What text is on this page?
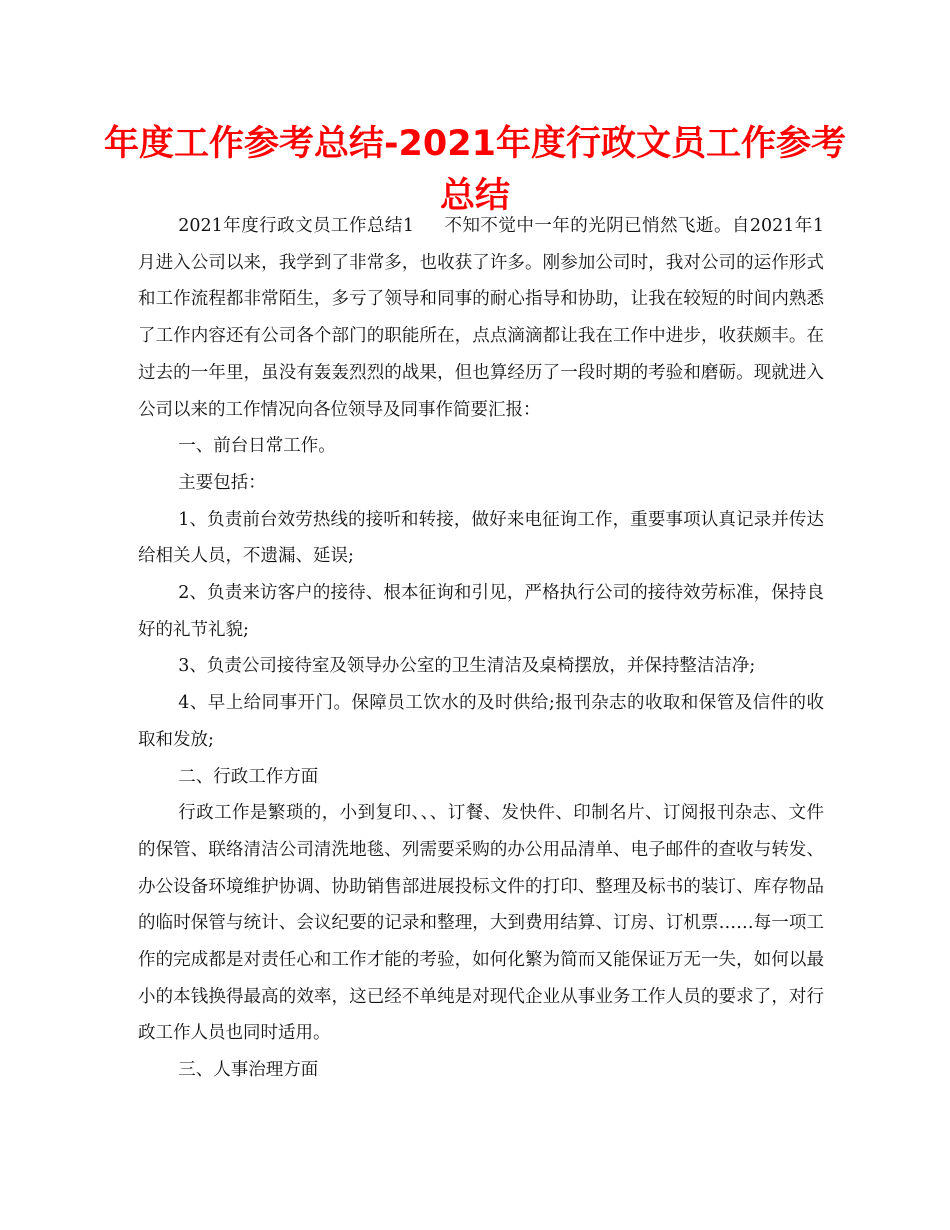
年度工作参考总结-2021年度行政文员工作参考总结

2021年度行政文员工作总结1 不知不觉中一年的光阴已悄然飞逝。自2021年1月进入公司以来，我学到了非常多，也收获了许多。刚参加公司时，我对公司的运作形式和工作流程都非常陌生，多亏了领导和同事的耐心指导和协助，让我在较短的时间内熟悉了工作内容还有公司各个部门的职能所在，点点滴滴都让我在工作中进步，收获颇丰。在过去的一年里，虽没有轰轰烈烈的战果，但也算经历了一段时期的考验和磨砺。现就进入公司以来的工作情况向各位领导及同事作简要汇报：

一、前台日常工作。

主要包括：

1、负责前台效劳热线的接听和转接，做好来电征询工作，重要事项认真记录并传达给相关人员，不遗漏、延误;

2、负责来访客户的接待、根本征询和引见，严格执行公司的接待效劳标准，保持良好的礼节礼貌;

3、负责公司接待室及领导办公室的卫生清洁及桌椅摆放，并保持整洁洁净;

4、早上给同事开门。保障员工饮水的及时供给;报刊杂志的收取和保管及信件的收取和发放;

二、行政工作方面

行政工作是繁琐的，小到复印、、、订餐、发快件、印制名片、订阅报刊杂志、文件的保管、联络清洁公司清洗地毯、列需要采购的办公用品清单、电子邮件的查收与转发、办公设备环境维护协调、协助销售部进展投标文件的打印、整理及标书的装订、库存物品的临时保管与统计、会议纪要的记录和整理，大到费用结算、订房、订机票……每一项工作的完成都是对责任心和工作才能的考验，如何化繁为简而又能保证万无一失，如何以最小的本钱换得最高的效率，这已经不单纯是对现代企业从事业务工作人员的要求了，对行政工作人员也同时适用。

三、人事治理方面
